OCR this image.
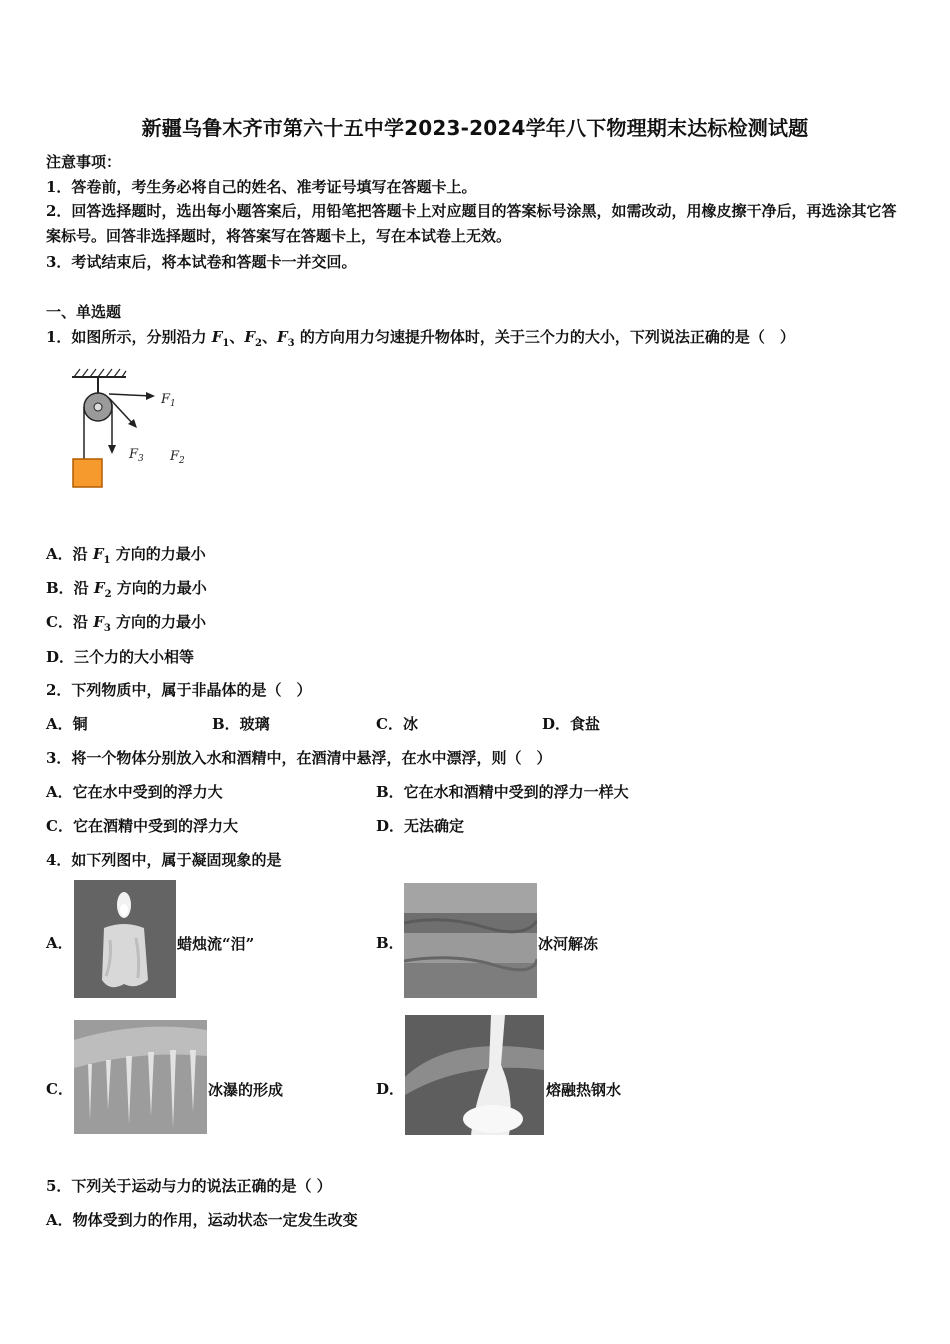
新疆乌鲁木齐市第六十五中学2023-2024学年八下物理期末达标检测试题
注意事项：
1．答卷前，考生务必将自己的姓名、准考证号填写在答题卡上。
2．回答选择题时，选出每小题答案后，用铅笔把答题卡上对应题目的答案标号涂黑，如需改动，用橡皮擦干净后，再选涂其它答案标号。回答非选择题时，将答案写在答题卡上，写在本试卷上无效。
3．考试结束后，将本试卷和答题卡一并交回。
一、单选题
1．如图所示，分别沿力 $F_1$、$F_2$、$F_3$ 的方向用力匀速提升物体时，关于三个力的大小，下列说法正确的是（　）
$F_1$
$F_2$
$F_3$
A．沿 $F_1$ 方向的力最小
B．沿 $F_2$ 方向的力最小
C．沿 $F_3$ 方向的力最小
D．三个力的大小相等
2．下列物质中，属于非晶体的是（　）
A．铜	B．玻璃	C．冰	D．食盐
3．将一个物体分别放入水和酒精中，在酒清中悬浮，在水中漂浮，则（　）
A．它在水中受到的浮力大	B．它在水和酒精中受到的浮力一样大
C．它在酒精中受到的浮力大	D．无法确定
4．如下列图中，属于凝固现象的是
A．	蜡烛流“泪”	B．	冰河解冻
C．	冰瀑的形成	D．	熔融热钢水
5．下列关于运动与力的说法正确的是（ ）
A．物体受到力的作用，运动状态一定发生改变
